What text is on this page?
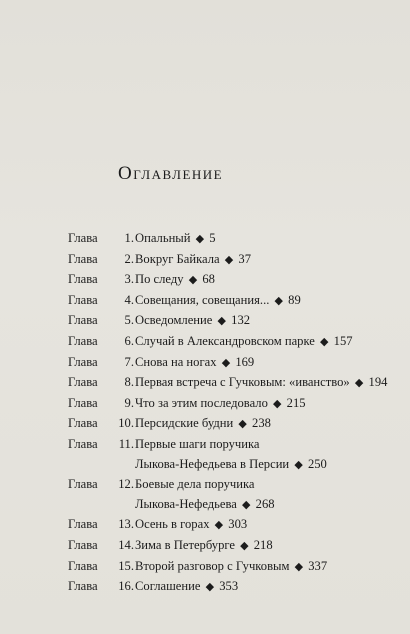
Оглавление
Глава	1. Опальный ◆ 5
Глава	2. Вокруг Байкала ◆ 37
Глава	3. По следу ◆ 68
Глава	4. Совещания, совещания... ◆ 89
Глава	5. Осведомление ◆ 132
Глава	6. Случай в Александровском парке ◆ 157
Глава	7. Снова на ногах ◆ 169
Глава	8. Первая встреча с Гучковым: «иванство» ◆ 194
Глава	9. Что за этим последовало ◆ 215
Глава	10. Персидские будни ◆ 238
Глава	11. Первые шаги поручика
Лыкова-Нефедьева в Персии ◆ 250
Глава	12. Боевые дела поручика
Лыкова-Нефедьева ◆ 268
Глава	13. Осень в горах ◆ 303
Глава	14. Зима в Петербурге ◆ 218
Глава	15. Второй разговор с Гучковым ◆ 337
Глава	16. Соглашение ◆ 353
